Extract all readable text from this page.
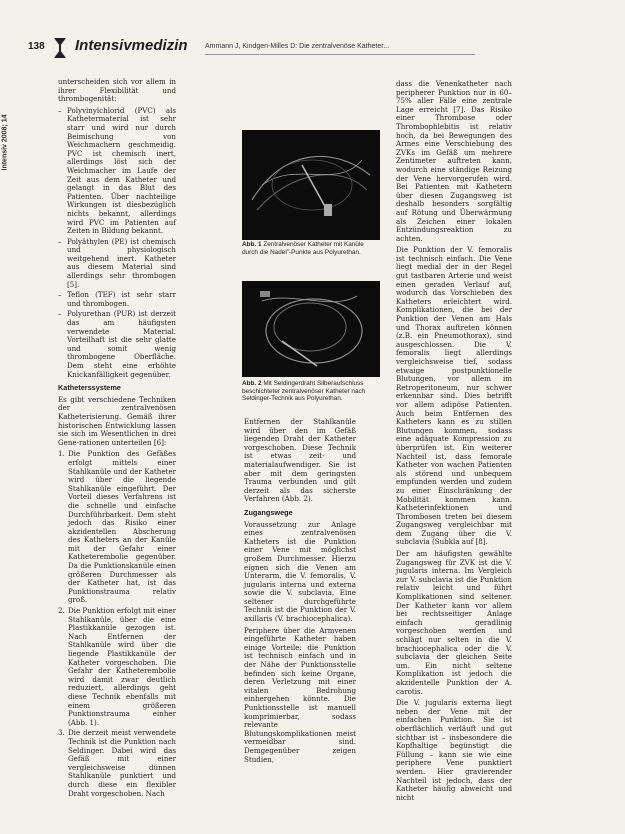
138 Intensivmedizin Ammann J, Kindgen-Milles D: Die zentralvenöse Katheter...
Intensiv 2008; 14

unterscheiden sich vor allem in ihrer Flexibilität und thrombogenität:

– Polyvinylchlorid (PVC) als Kathetermaterial ist sehr starr und wird nur durch Beimischung von Weichmachern geschmeidig. PVC ist chemisch inert, allerdings löst sich der Weichmacher im Laufe der Zeit aus dem Katheter und gelangt in das Blut des Patienten. Über nachteilige Wirkungen ist diesbezüglich nichts bekannt, allerdings wird PVC im Patienten auf Zeiten in Bildung bekannt.
– Polyäthylen (PE) ist chemisch und physiologisch weitgehend inert. Katheter aus diesem Material sind allerdings sehr thrombogen [5].
– Teflon (TEF) ist sehr starr und thrombogen.
– Polyurethan (PUR) ist derzeit das am häufigsten verwendete Material. Vorteilhaft ist die sehr glatte und somit wenig thrombogene Oberfläche. Dem steht eine erhöhte Knickanfälligkeit gegenüber.
Katheterssysteme

Es gibt verschiedene Techniken der zentralvenösen Katheterisierung. Gemäß ihrer historischen Entwicklung lassen sie sich im Wesentlichen in drei Gene-rationen unterteilen [6]:

1. Die Punktion des Gefäßes erfolgt mittels einer Stahlkanüle und der Katheter wird über die liegende Stahlkanüle eingeführt. Der Vorteil dieses Verfahrens ist die schnelle und einfache Durchführbarkeit. Dem steht jedoch das Risiko einer akzidentellen Abscherung des Katheters an der Kanüle mit der Gefahr einer Katheterembolie gegenüber. Da die Punktionskanüle einen größeren Durchmesser als der Katheter hat, ist das Punktionstrauma relativ groß.
2. Die Punktion erfolgt mit einer Stahlkanüle, über die eine Plastikkanüle gezogen ist. Nach Entfernen der Stahlkanüle wird über die liegende Plastikkanüle der Katheter vorgeschoben. Die Gefahr der Katheterembolie wird damit zwar deutlich reduziert, allerdings geht diese Technik ebenfalls mit einem größeren Punktionstrauma einher (Abb. 1).
3. Die derzeit meist verwendete Technik ist die Punktion nach Seldinger. Dabei wird das Gefäß mit einer vergleichsweise dünnen Stahlkanüle punktiert und durch diese ein flexibler Draht vorgeschoben. Nach
Abb. 1 Zentralvenöser Katheter mit Kanüle durch die Nadel"-Punkte aus Polyurethan.
Abb. 2 Mit Seldingerdraht Silberaufschluss beschichteter zentralvenöser Katheter nach Seldinger-Technik aus Polyurethan.

Entfernen der Stahlkanüle wird über den im Gefäß liegenden Draht der Katheter vorgeschoben. Diese Technik ist etwas zeit- und materialaufwendiger. Sie ist aber mit dem geringsten Trauma verbunden und gilt derzeit als das sicherste Verfahren (Abb. 2).

Zugangswege

Voraussetzung zur Anlage eines zentralvenösen Katheters ist die Punktion einer Vene mit möglichst großem Durchmesser. Hierzu eignen sich die Venen am Unterarm, die V. femoralis, V. jugularis interna und externa sowie die V. subclavia. Eine seltener durchgeführte Technik ist die Punktion der V. axillaris (V. brachiocephalica).

Periphere über die Armvenen eingeführte Katheter haben einige Vorteile: die Punktion ist technisch einfach und in der Nähe der Punktionsstelle befinden sich keine Organe, deren Verletzung mit einer vitalen Bedrohung einhergehen könnte. Die Punktionsstelle ist manuell komprimierbar, sodass relevante Blutungskomplikationen meist vermeidbar sind. Demgegenüber zeigen Studien,

dass die Venenkatheter nach peripherer Punktion nur in 60–75% aller Fälle eine zentrale Lage erreicht [7]. Das Risiko einer Thrombose oder Thrombophlebitis ist relativ hoch, da bei Bewegungen des Armes eine Verschiebung des ZVKs im Gefäß um mehrere Zentimeter auftreten kann, wodurch eine ständige Reizung der Vene hervorgerufen wird. Bei Patienten mit Kathetern über diesen Zugangsweg ist deshalb besonders sorgfältig auf Rötung und Überwärmung als Zeichen einer lokalen Entzündungsreaktion zu achten.

Die Punktion der V. femoralis ist technisch einfach. Die Vene liegt medial der in der Regel gut tastbaren Arterie und weist einen geraden Verlauf auf, wodurch das Vorschieben des Katheters erleichtert wird. Komplikationen, die bei der Punktion der Venen am Hals und Thorax auftreten können (z.B. ein Pneumothorax), sind ausgeschlossen. Die V. femoralis liegt allerdings vergleichsweise tief, sodass etwaige postpunktionelle Blutungen, vor allem im Retroperitoneum, nur schwer erkennbar sind. Dies betrifft vor allem adipöse Patienten. Auch beim Entfernen des Katheters kann es zu stillen Blutungen kommen, sodass eine adäquate Kompression zu überprüfen ist. Ein weiterer Nachteil ist, dass femorale Katheter von wachen Patienten als störend und unbequem empfunden werden und zudem zu einer Einschränkung der Mobilität kommen kann. Katheterinfektionen und Thrombosen treten bei diesem Zugangsweg vergleichbar mit dem Zugang über die V. subclavia (Subkla auf [8].

Der am häufigsten gewählte Zugangsweg für ZVK ist die V. jugularis interna. Im Vergleich zur V. subclavia ist die Punktion relativ leicht und führt Komplikationen sind seltener. Der Katheter kann vor allem bei rechtsseitiger Anlage einfach geradlinig vorgeschoben werden und schlägt nur selten in die V. brachiocephalica oder die V. subclavia der gleichen Seite um. Ein nicht seltene Komplikation ist jedoch die akzidentelle Punktion der A. carotis.

Die V. jugularis externa liegt neben der Vene mit der einfachen Punktion. Sie ist oberflächlich verläuft und gut sichtbar ist – insbesondere die Kopfhaltige begünstigt die Füllung – kann sie wie eine periphere Vene punktiert werden. Hier gravierender Nachteil ist jedoch, dass der Katheter häufig abweicht und nicht
